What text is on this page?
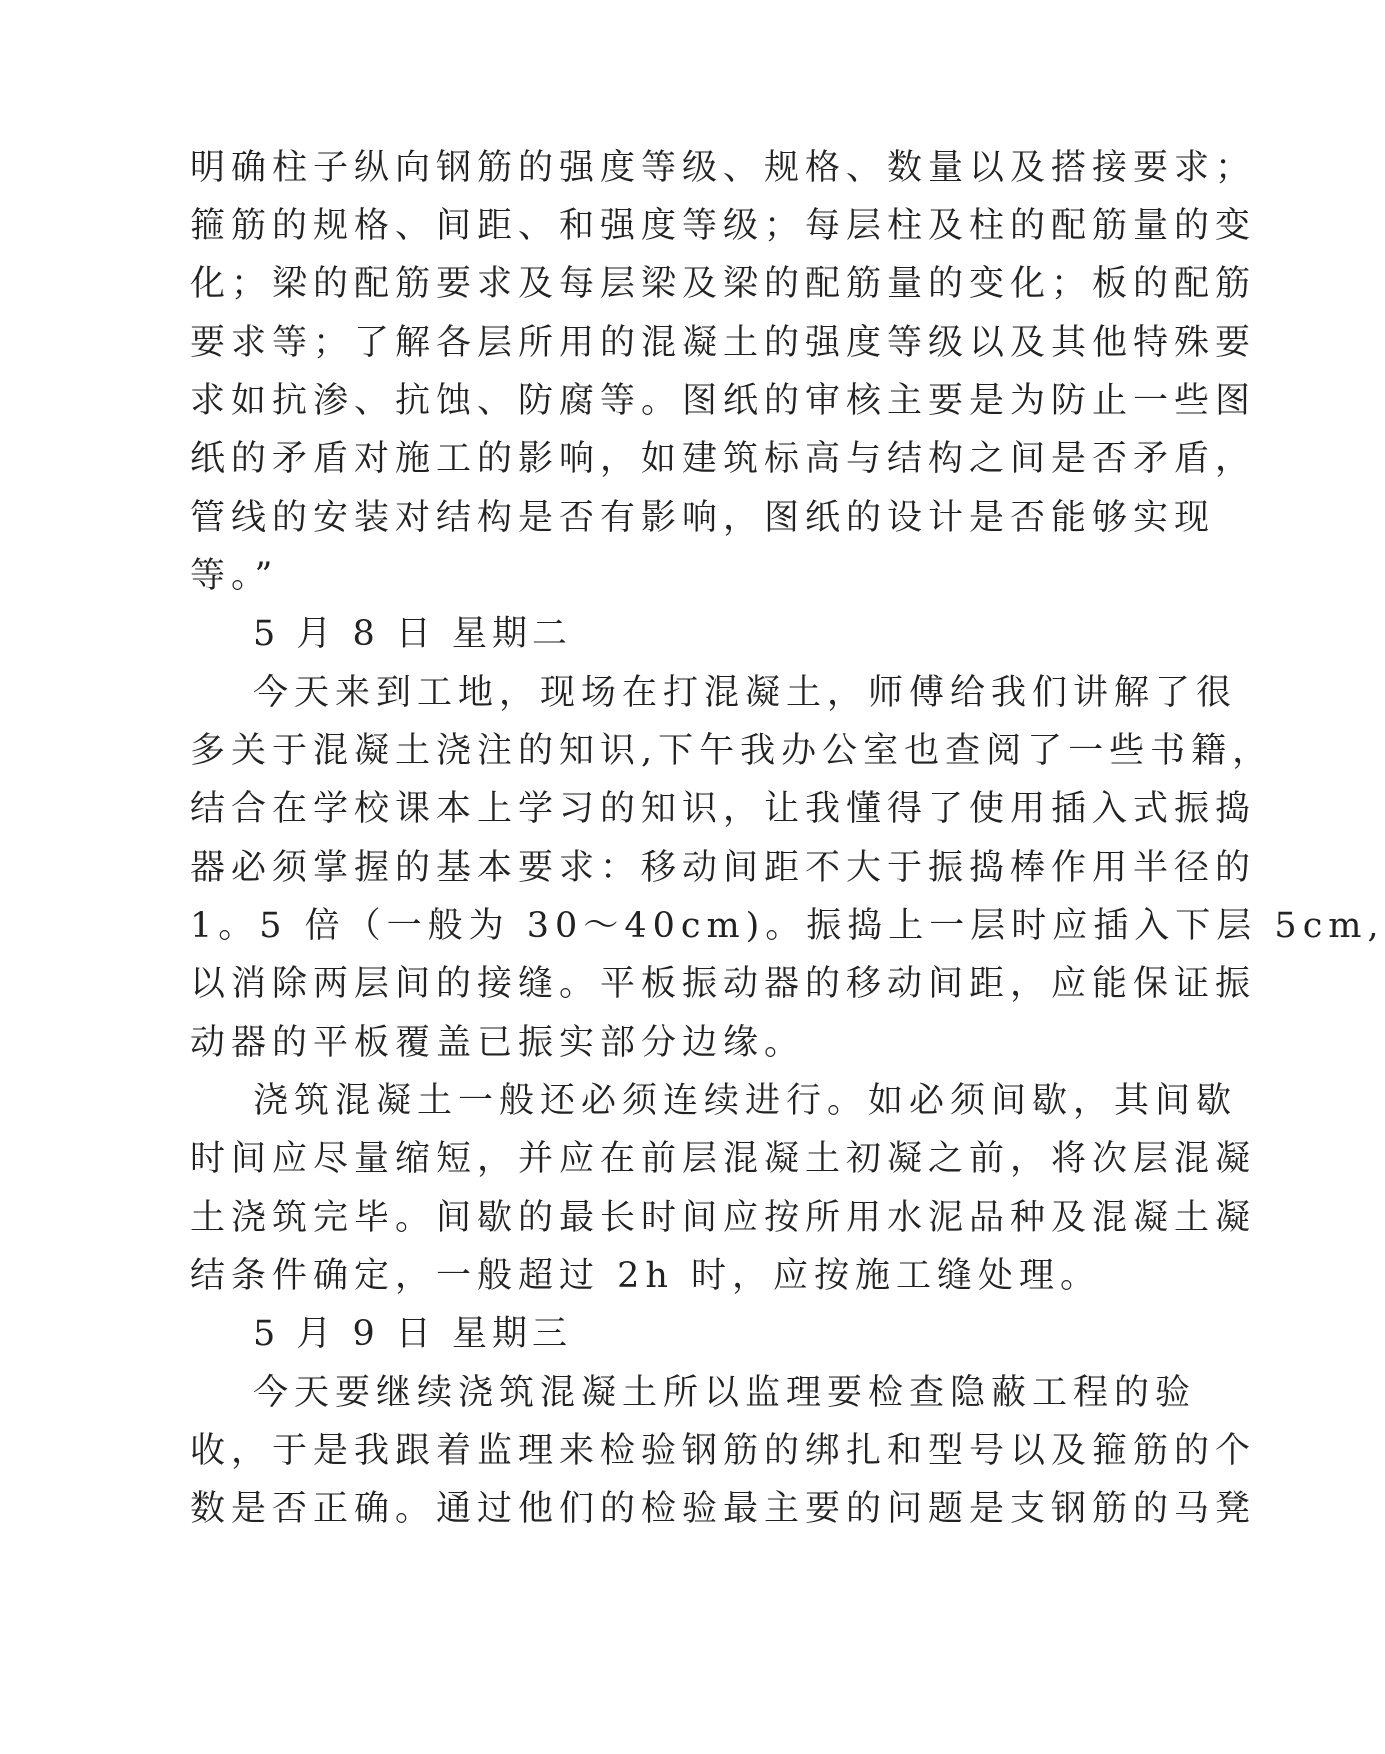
明确柱子纵向钢筋的强度等级、规格、数量以及搭接要求；
箍筋的规格、间距、和强度等级；每层柱及柱的配筋量的变
化；梁的配筋要求及每层梁及梁的配筋量的变化；板的配筋
要求等；了解各层所用的混凝土的强度等级以及其他特殊要
求如抗渗、抗蚀、防腐等。图纸的审核主要是为防止一些图
纸的矛盾对施工的影响，如建筑标高与结构之间是否矛盾，
管线的安装对结构是否有影响，图纸的设计是否能够实现
等。”
5 月 8 日 星期二
今天来到工地，现场在打混凝土，师傅给我们讲解了很
多关于混凝土浇注的知识,下午我办公室也查阅了一些书籍，
结合在学校课本上学习的知识，让我懂得了使用插入式振捣
器必须掌握的基本要求：移动间距不大于振捣棒作用半径的
1。5 倍（一般为 30～40cm)。振捣上一层时应插入下层 5cm,
以消除两层间的接缝。平板振动器的移动间距，应能保证振
动器的平板覆盖已振实部分边缘。
浇筑混凝土一般还必须连续进行。如必须间歇，其间歇
时间应尽量缩短，并应在前层混凝土初凝之前，将次层混凝
土浇筑完毕。间歇的最长时间应按所用水泥品种及混凝土凝
结条件确定，一般超过 2h 时，应按施工缝处理。
5 月 9 日 星期三
今天要继续浇筑混凝土所以监理要检查隐蔽工程的验
收，于是我跟着监理来检验钢筋的绑扎和型号以及箍筋的个
数是否正确。通过他们的检验最主要的问题是支钢筋的马凳
